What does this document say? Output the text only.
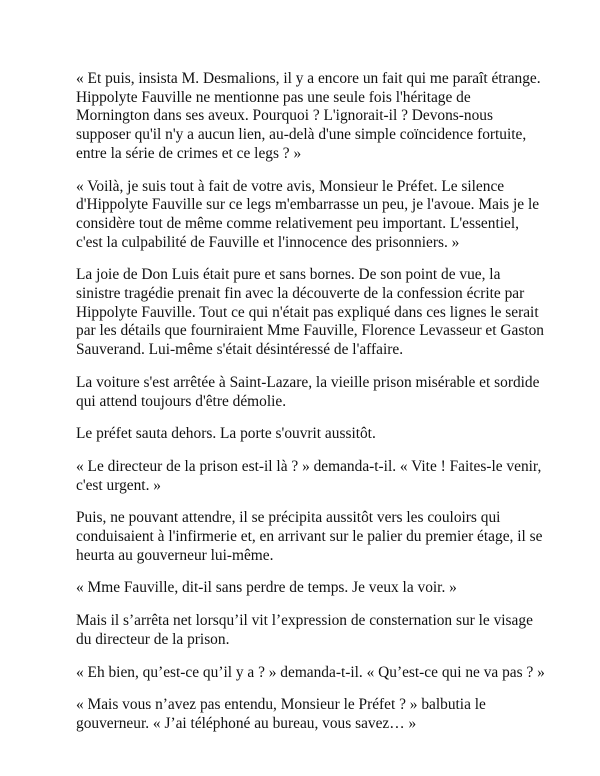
« Et puis, insista M. Desmalions, il y a encore un fait qui me paraît étrange. Hippolyte Fauville ne mentionne pas une seule fois l'héritage de Mornington dans ses aveux. Pourquoi ? L'ignorait-il ? Devons-nous supposer qu'il n'y a aucun lien, au-delà d'une simple coïncidence fortuite, entre la série de crimes et ce legs ? »

« Voilà, je suis tout à fait de votre avis, Monsieur le Préfet. Le silence d'Hippolyte Fauville sur ce legs m'embarrasse un peu, je l'avoue. Mais je le considère tout de même comme relativement peu important. L'essentiel, c'est la culpabilité de Fauville et l'innocence des prisonniers. »

La joie de Don Luis était pure et sans bornes. De son point de vue, la sinistre tragédie prenait fin avec la découverte de la confession écrite par Hippolyte Fauville. Tout ce qui n'était pas expliqué dans ces lignes le serait par les détails que fourniraient Mme Fauville, Florence Levasseur et Gaston Sauverand. Lui-même s'était désintéressé de l'affaire.

La voiture s'est arrêtée à Saint-Lazare, la vieille prison misérable et sordide qui attend toujours d'être démolie.

Le préfet sauta dehors. La porte s'ouvrit aussitôt.

« Le directeur de la prison est-il là ? » demanda-t-il. « Vite ! Faites-le venir, c'est urgent. »

Puis, ne pouvant attendre, il se précipita aussitôt vers les couloirs qui conduisaient à l'infirmerie et, en arrivant sur le palier du premier étage, il se heurta au gouverneur lui-même.

« Mme Fauville, dit-il sans perdre de temps. Je veux la voir. »

Mais il s’arrêta net lorsqu’il vit l’expression de consternation sur le visage du directeur de la prison.

« Eh bien, qu’est-ce qu’il y a ? » demanda-t-il. « Qu’est-ce qui ne va pas ? »

« Mais vous n’avez pas entendu, Monsieur le Préfet ? » balbutia le gouverneur. « J’ai téléphoné au bureau, vous savez… »
